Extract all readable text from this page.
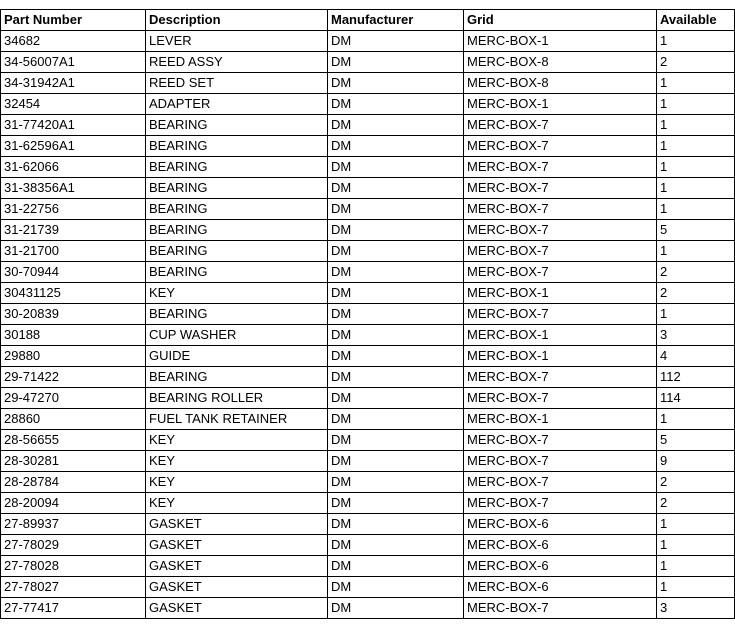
Part Number	Description	Manufacturer	Grid	Available
34682	LEVER	DM	MERC-BOX-1	1
34-56007A1	REED ASSY	DM	MERC-BOX-8	2
34-31942A1	REED SET	DM	MERC-BOX-8	1
32454	ADAPTER	DM	MERC-BOX-1	1
31-77420A1	BEARING	DM	MERC-BOX-7	1
31-62596A1	BEARING	DM	MERC-BOX-7	1
31-62066	BEARING	DM	MERC-BOX-7	1
31-38356A1	BEARING	DM	MERC-BOX-7	1
31-22756	BEARING	DM	MERC-BOX-7	1
31-21739	BEARING	DM	MERC-BOX-7	5
31-21700	BEARING	DM	MERC-BOX-7	1
30-70944	BEARING	DM	MERC-BOX-7	2
30431125	KEY	DM	MERC-BOX-1	2
30-20839	BEARING	DM	MERC-BOX-7	1
30188	CUP WASHER	DM	MERC-BOX-1	3
29880	GUIDE	DM	MERC-BOX-1	4
29-71422	BEARING	DM	MERC-BOX-7	112
29-47270	BEARING ROLLER	DM	MERC-BOX-7	114
28860	FUEL TANK RETAINER	DM	MERC-BOX-1	1
28-56655	KEY	DM	MERC-BOX-7	5
28-30281	KEY	DM	MERC-BOX-7	9
28-28784	KEY	DM	MERC-BOX-7	2
28-20094	KEY	DM	MERC-BOX-7	2
27-89937	GASKET	DM	MERC-BOX-6	1
27-78029	GASKET	DM	MERC-BOX-6	1
27-78028	GASKET	DM	MERC-BOX-6	1
27-78027	GASKET	DM	MERC-BOX-6	1
27-77417	GASKET	DM	MERC-BOX-7	3
